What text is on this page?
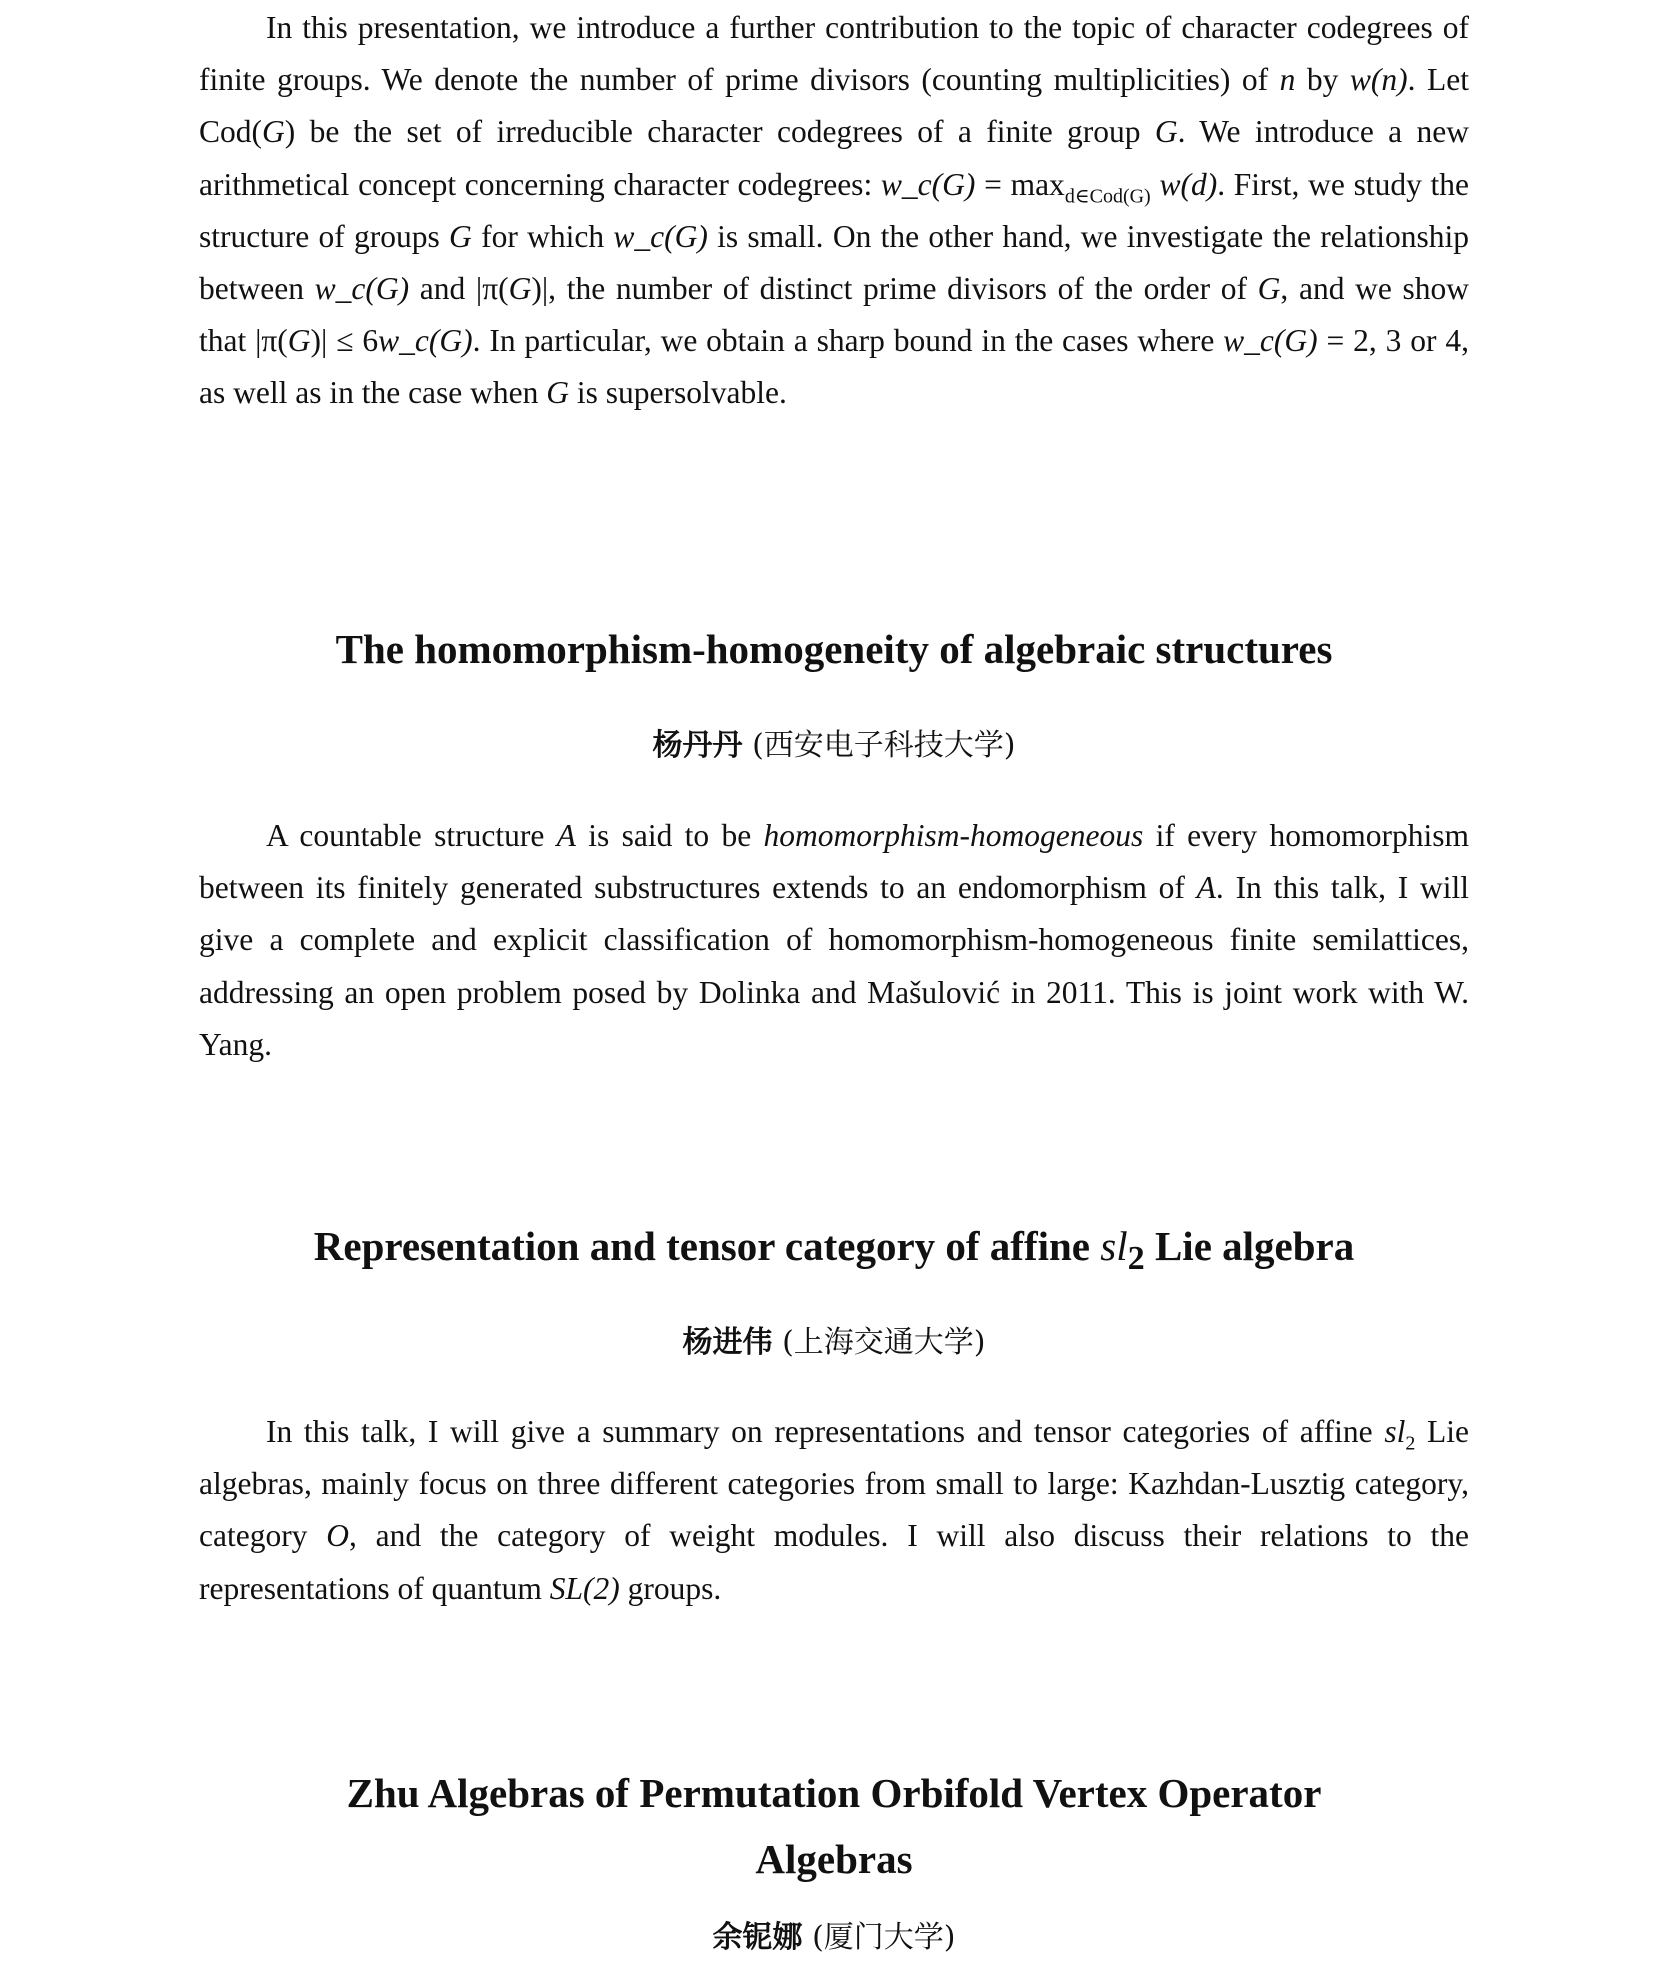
In this presentation, we introduce a further contribution to the topic of character codegrees of finite groups. We denote the number of prime divisors (counting multiplicities) of n by w(n). Let Cod(G) be the set of irreducible character codegrees of a finite group G. We introduce a new arithmetical concept concerning character codegrees: w_c(G) = $\max_{d\in Cod(G)} w(d)$. First, we study the structure of groups G for which w_c(G) is small. On the other hand, we investigate the relationship between w_c(G) and |π(G)|, the number of distinct prime divisors of the order of G, and we show that |π(G)| ≤ 6w_c(G). In particular, we obtain a sharp bound in the cases where w_c(G) = 2, 3 or 4, as well as in the case when G is supersolvable.

The homomorphism-homogeneity of algebraic structures

杨丹丹 (西安电子科技大学)

A countable structure A is said to be homomorphism-homogeneous if every homomorphism between its finitely generated substructures extends to an endomorphism of A. In this talk, I will give a complete and explicit classification of homomorphism-homogeneous finite semilattices, addressing an open problem posed by Dolinka and Mašulović in 2011. This is joint work with W. Yang.

Representation and tensor category of affine $sl_2$ Lie algebra

杨进伟 (上海交通大学)

In this talk, I will give a summary on representations and tensor categories of affine $sl_2$ Lie algebras, mainly focus on three different categories from small to large: Kazhdan-Lusztig category, category O, and the category of weight modules. I will also discuss their relations to the representations of quantum SL(2) groups.

Zhu Algebras of Permutation Orbifold Vertex Operator
Algebras

余铌娜 (厦门大学)
